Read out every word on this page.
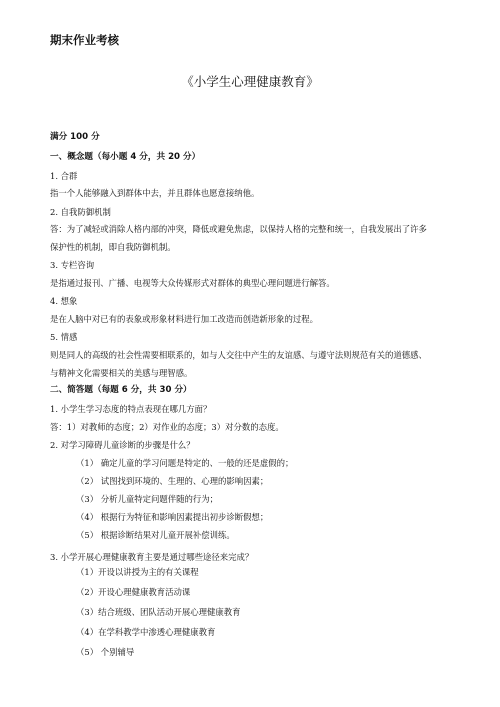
期末作业考核
《小学生心理健康教育》
满分 100 分
一、概念题（每小题 4 分，共 20 分）
1. 合群
指一个人能够融入到群体中去，并且群体也愿意接纳他。
2. 自我防御机制
答：为了减轻或消除人格内部的冲突，降低或避免焦虑，以保持人格的完整和统一，自我发展出了许多
保护性的机制，即自我防御机制。
3. 专栏咨询
是指通过报刊、广播、电视等大众传媒形式对群体的典型心理问题进行解答。
4. 想象
是在人脑中对已有的表象或形象材料进行加工改造而创造新形象的过程。
5. 情感
则是同人的高级的社会性需要相联系的，如与人交往中产生的友谊感、与遵守法则规范有关的道德感、
与精神文化需要相关的美感与理智感。
二、简答题（每题 6 分，共 30 分）
1. 小学生学习态度的特点表现在哪几方面？
答：1）对教师的态度；2）对作业的态度；3）对分数的态度。
2. 对学习障碍儿童诊断的步骤是什么？
（1） 确定儿童的学习问题是特定的、一般的还是虚假的；
（2） 试图找到环境的、生理的、心理的影响因素；
（3） 分析儿童特定问题伴随的行为；
（4） 根据行为特征和影响因素提出初步诊断假想；
（5） 根据诊断结果对儿童开展补偿训练。
3. 小学开展心理健康教育主要是通过哪些途径来完成？
（1）开设以讲授为主的有关课程
（2）开设心理健康教育活动课
（3）结合班级、团队活动开展心理健康教育
（4）在学科教学中渗透心理健康教育
（5） 个别辅导
